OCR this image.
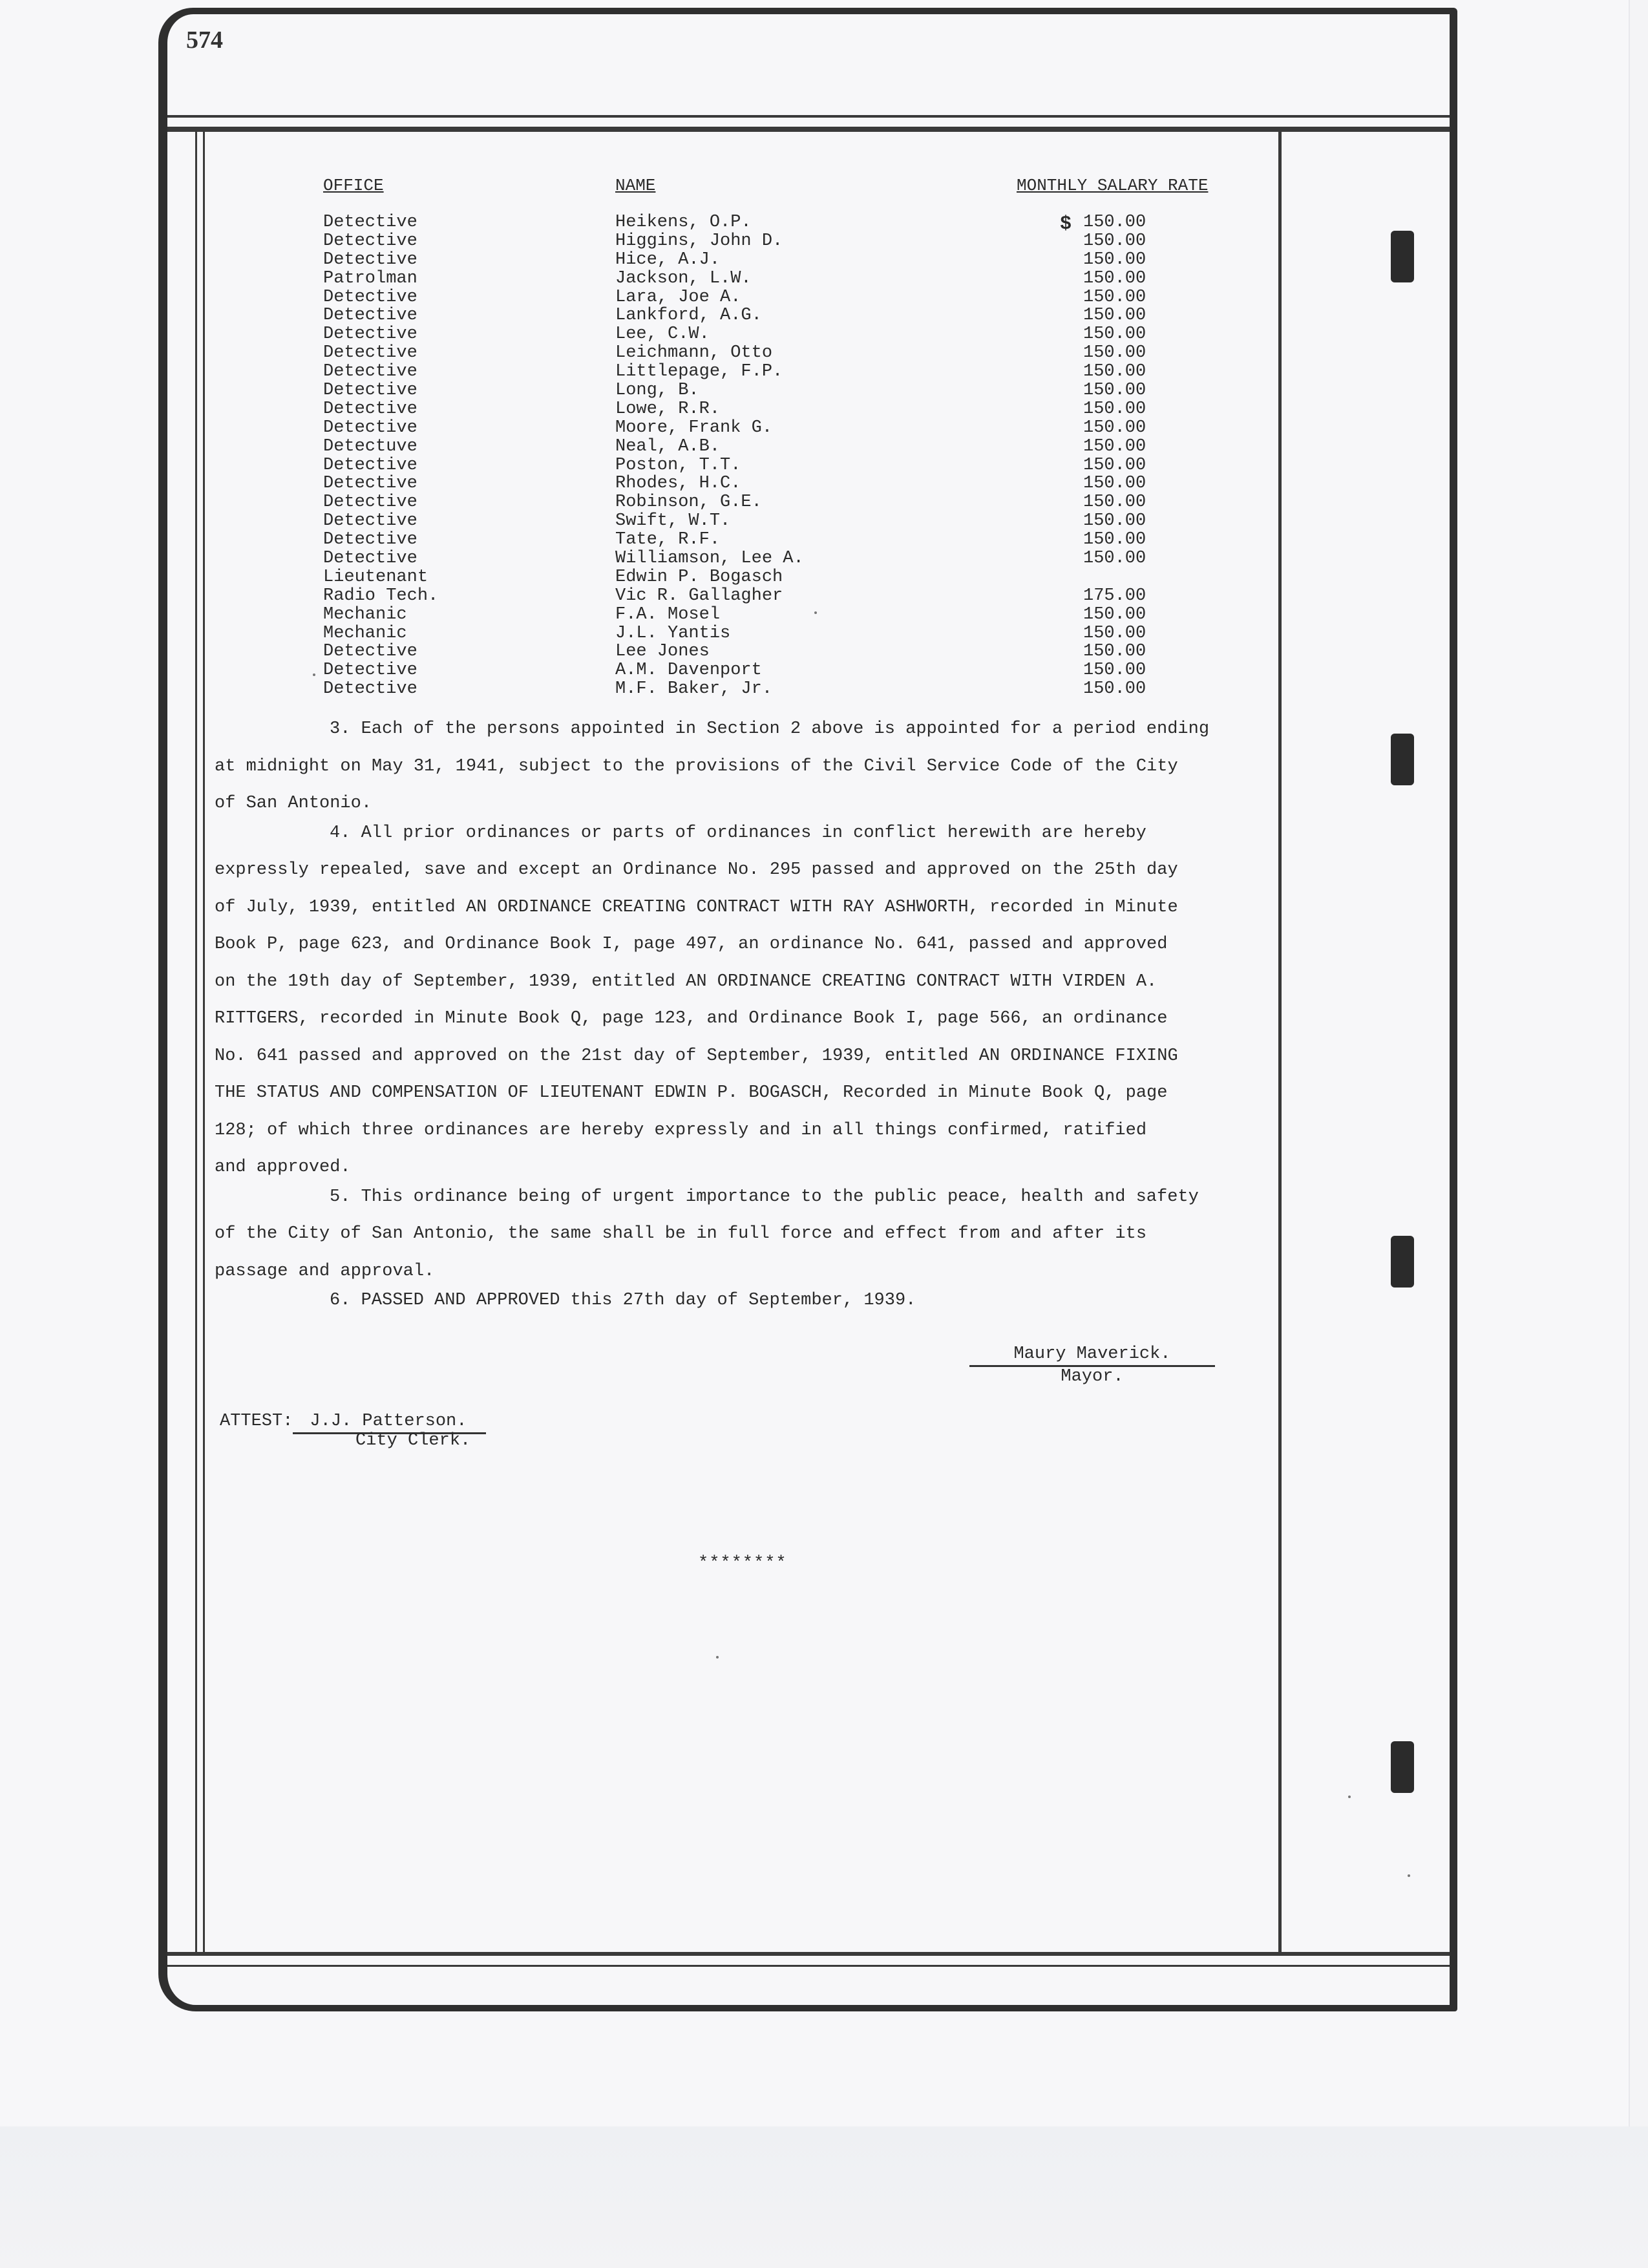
574
OFFICE	NAME	MONTHLY SALARY RATE
$
Detective	Heikens, O.P.	150.00
Detective	Higgins, John D.	150.00
Detective	Hice, A.J.	150.00
Patrolman	Jackson, L.W.	150.00
Detective	Lara, Joe A.	150.00
Detective	Lankford, A.G.	150.00
Detective	Lee, C.W.	150.00
Detective	Leichmann, Otto	150.00
Detective	Littlepage, F.P.	150.00
Detective	Long, B.	150.00
Detective	Lowe, R.R.	150.00
Detective	Moore, Frank G.	150.00
Detectuve	Neal, A.B.	150.00
Detective	Poston, T.T.	150.00
Detective	Rhodes, H.C.	150.00
Detective	Robinson, G.E.	150.00
Detective	Swift, W.T.	150.00
Detective	Tate, R.F.	150.00
Detective	Williamson, Lee A.	150.00
Lieutenant	Edwin P. Bogasch
Radio Tech.	Vic R. Gallagher	175.00
Mechanic	F.A. Mosel	150.00
Mechanic	J.L. Yantis	150.00
Detective	Lee Jones	150.00
Detective	A.M. Davenport	150.00
Detective	M.F. Baker, Jr.	150.00
3. Each of the persons appointed in Section 2 above is appointed for a period ending
at midnight on May 31, 1941, subject to the provisions of the Civil Service Code of the City
of San Antonio.
4. All prior ordinances or parts of ordinances in conflict herewith are hereby
expressly repealed, save and except an Ordinance No. 295 passed and approved on the 25th day
of July, 1939, entitled AN ORDINANCE CREATING CONTRACT WITH RAY ASHWORTH, recorded in Minute
Book P, page 623, and Ordinance Book I, page 497, an ordinance No. 641, passed and approved
on the 19th day of September, 1939, entitled AN ORDINANCE CREATING CONTRACT WITH VIRDEN A.
RITTGERS, recorded in Minute Book Q, page 123, and Ordinance Book I, page 566, an ordinance
No. 641 passed and approved on the 21st day of September, 1939, entitled AN ORDINANCE FIXING
THE STATUS AND COMPENSATION OF LIEUTENANT EDWIN P. BOGASCH, Recorded in Minute Book Q, page
128; of which three ordinances are hereby expressly and in all things confirmed, ratified
and approved.
5. This ordinance being of urgent importance to the public peace, health and safety
of the City of San Antonio, the same shall be in full force and effect from and after its
passage and approval.
6. PASSED AND APPROVED this 27th day of September, 1939.
Maury Maverick.
Mayor.
ATTEST: J.J. Patterson.
City Clerk.
********
